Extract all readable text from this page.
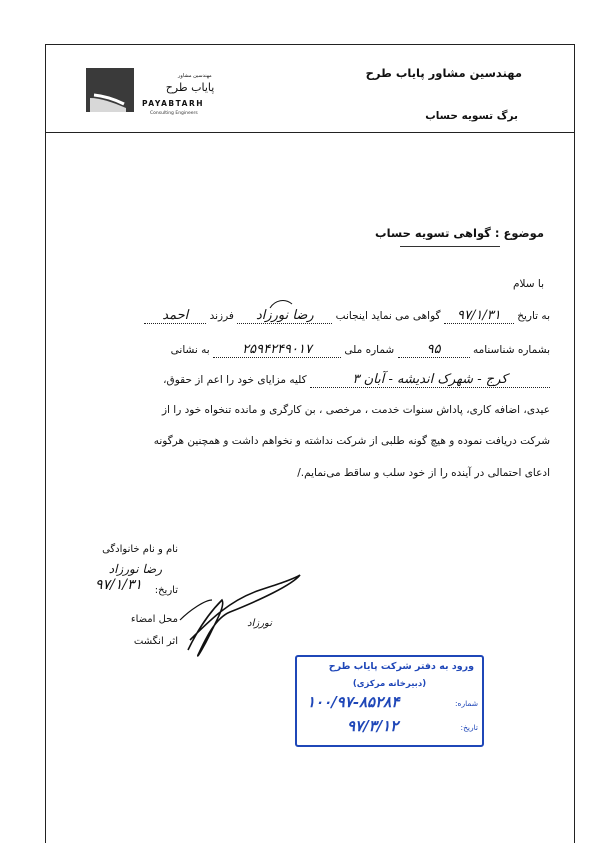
مهندسین مشاور
پایاب طرح
PAYABTARH
Consulting Engineers
مهندسین مشاور پایاب طرح
برگ تسویه حساب
موضوع : گواهی تسویه حساب
با سلام
به تاریخ ۹۷/۱/۳۱ گواهی می نماید اینجانب رضا نورزاد فرزند احمد
بشماره شناسنامه ۹۵ شماره ملی ۲۵۹۴۲۴۹۰۱۷ به نشانی
کرج - شهرک اندیشه - آبان ۳ کلیه مزایای خود را اعم از حقوق،
عیدی، اضافه کاری، پاداش سنوات خدمت ، مرخصی ، بن کارگری و مانده تنخواه خود را از
شرکت دریافت نموده و هیچ گونه طلبی از شرکت نداشته و نخواهم داشت و همچنین هرگونه
ادعای احتمالی در آینده را از خود سلب و ساقط می‌نمایم./
نام و نام خانوادگی
رضا نورزاد
تاریخ:
۹۷/۱/۳۱
محل امضاء
اثر انگشت
نورزاد
ورود به دفتر شرکت پایاب طرح
(دبیرخانه مرکزی)
شماره:
۱۰۰/۹۷-۸۵۲۸۴
تاریخ:
۹۷/۳/۱۲
